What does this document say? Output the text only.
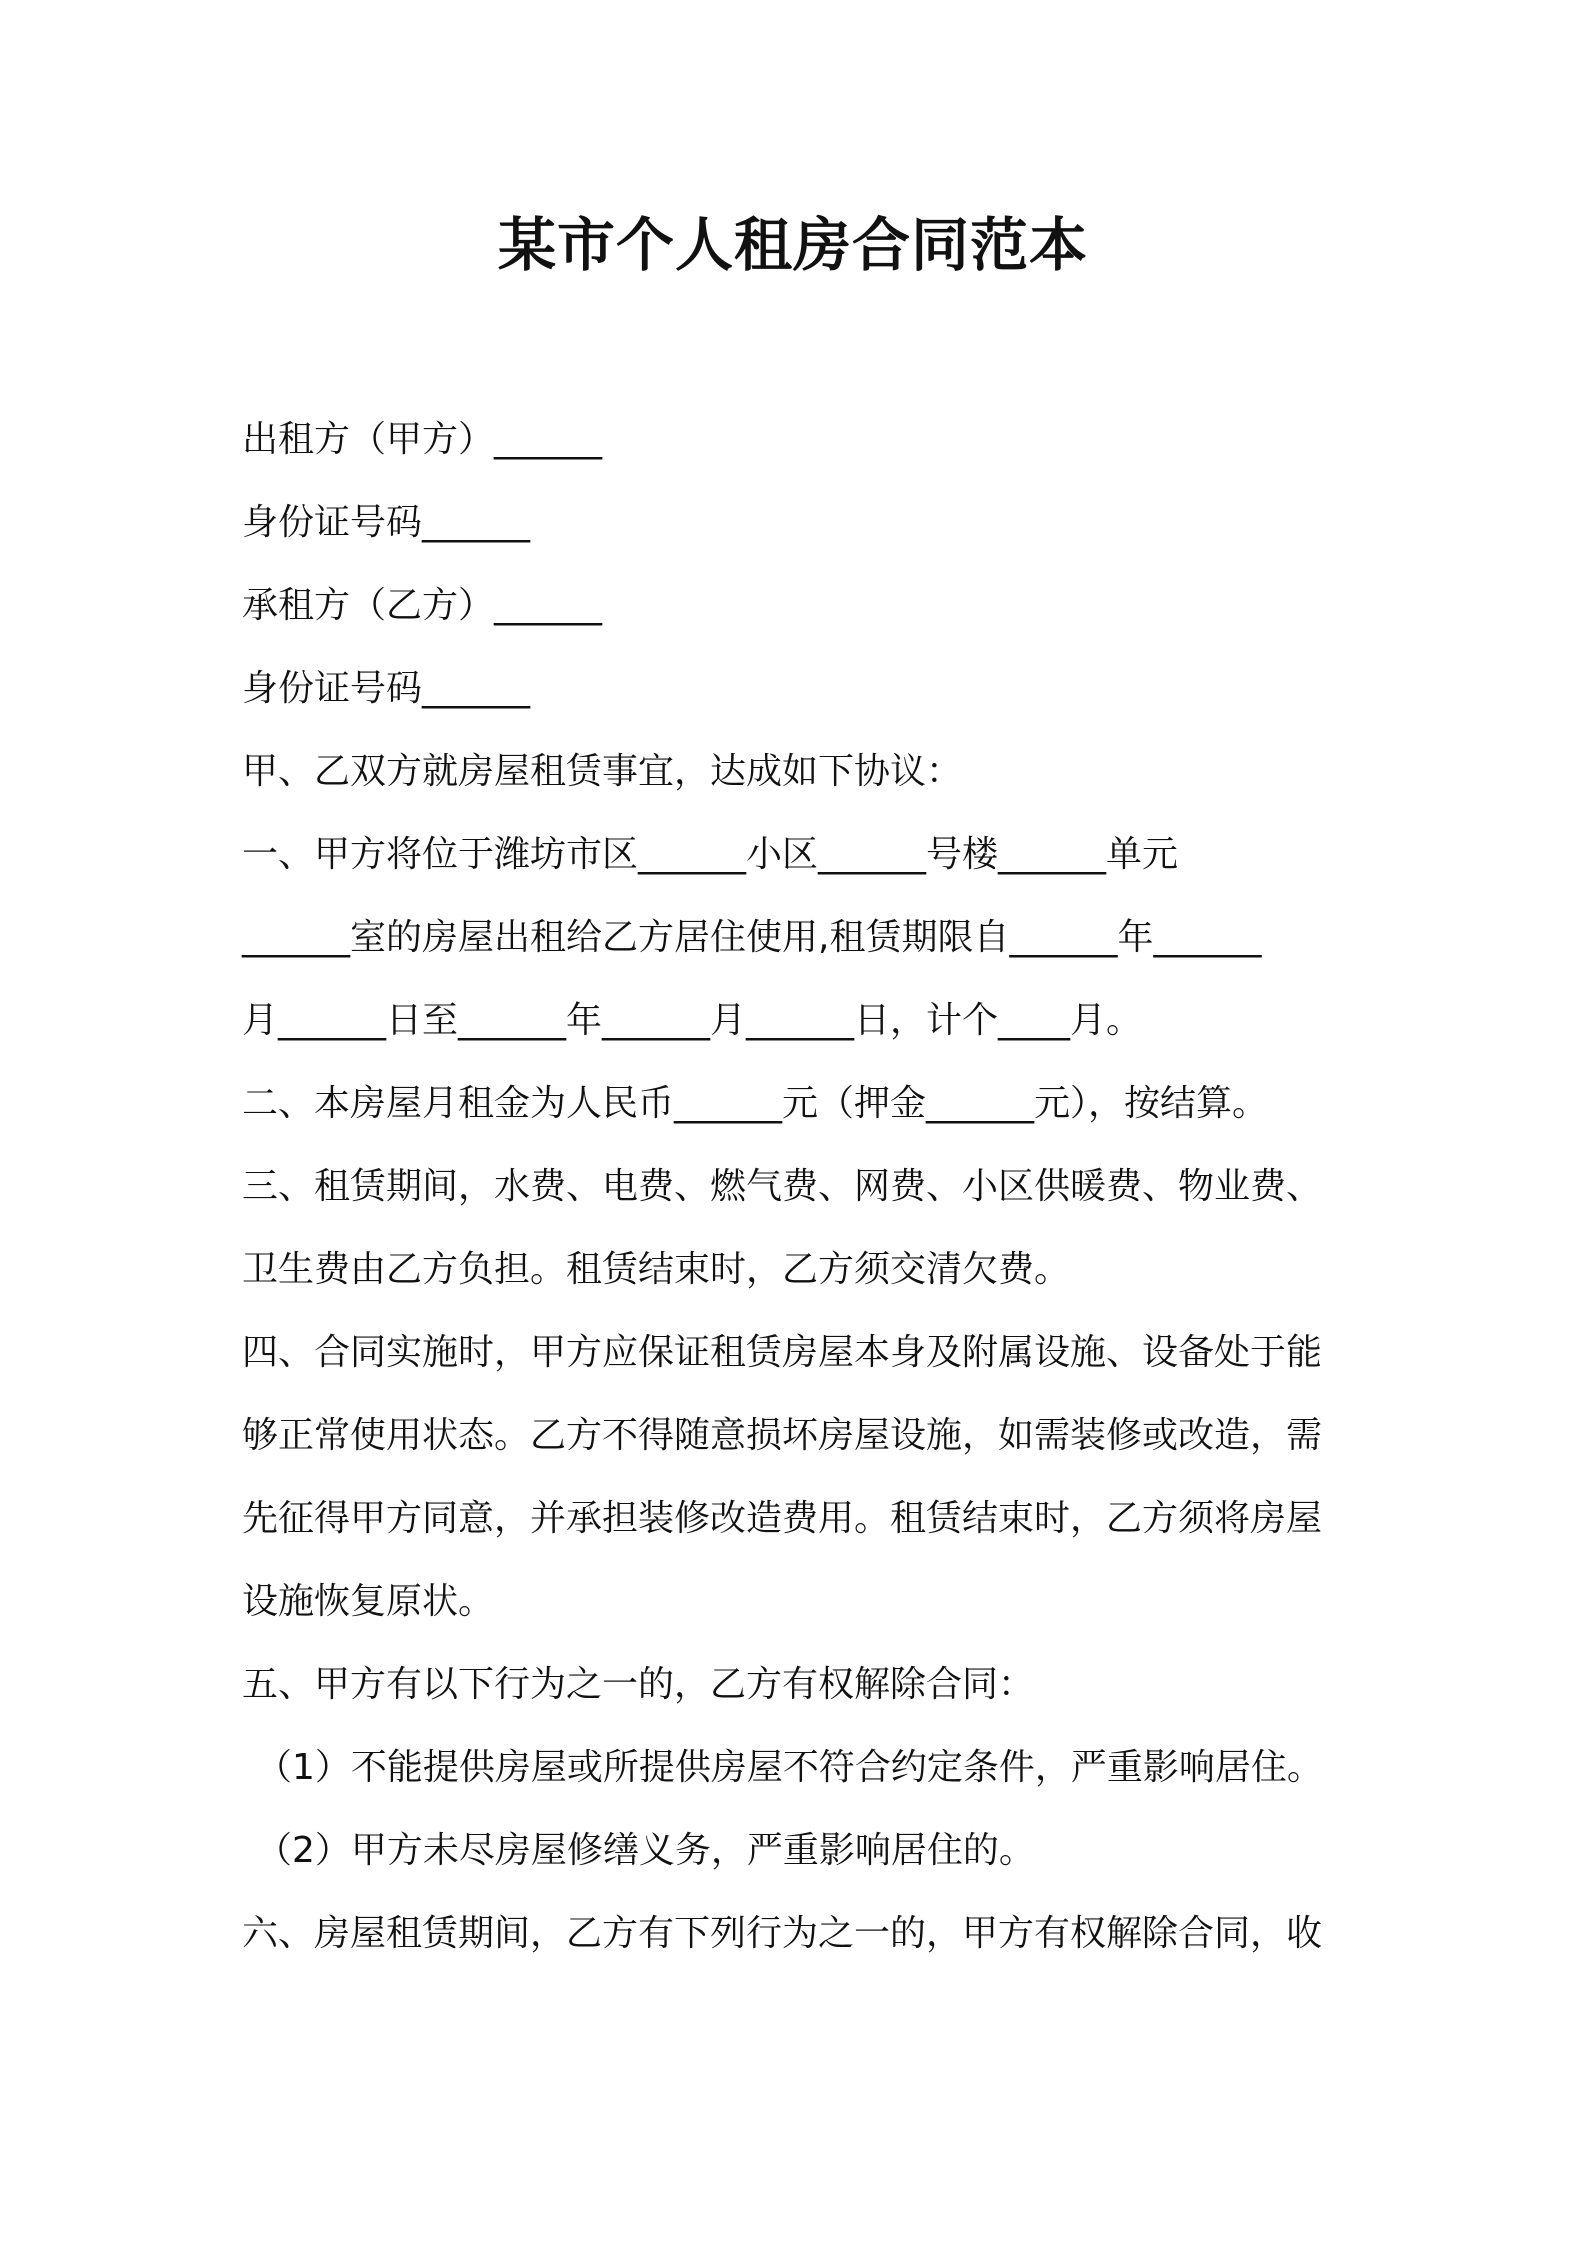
某市个人租房合同范本
出租方（甲方）______
身份证号码______
承租方（乙方）______
身份证号码______
甲、乙双方就房屋租赁事宜，达成如下协议：
一、甲方将位于潍坊市区______小区______号楼______单元
______室的房屋出租给乙方居住使用,租赁期限自______年______
月______日至______年______月______日，计个____月。
二、本房屋月租金为人民币______元（押金______元），按结算。
三、租赁期间，水费、电费、燃气费、网费、小区供暖费、物业费、
卫生费由乙方负担。租赁结束时，乙方须交清欠费。
四、合同实施时，甲方应保证租赁房屋本身及附属设施、设备处于能
够正常使用状态。乙方不得随意损坏房屋设施，如需装修或改造，需
先征得甲方同意，并承担装修改造费用。租赁结束时，乙方须将房屋
设施恢复原状。
五、甲方有以下行为之一的，乙方有权解除合同：
（1）不能提供房屋或所提供房屋不符合约定条件，严重影响居住。
（2）甲方未尽房屋修缮义务，严重影响居住的。
六、房屋租赁期间，乙方有下列行为之一的，甲方有权解除合同，收
